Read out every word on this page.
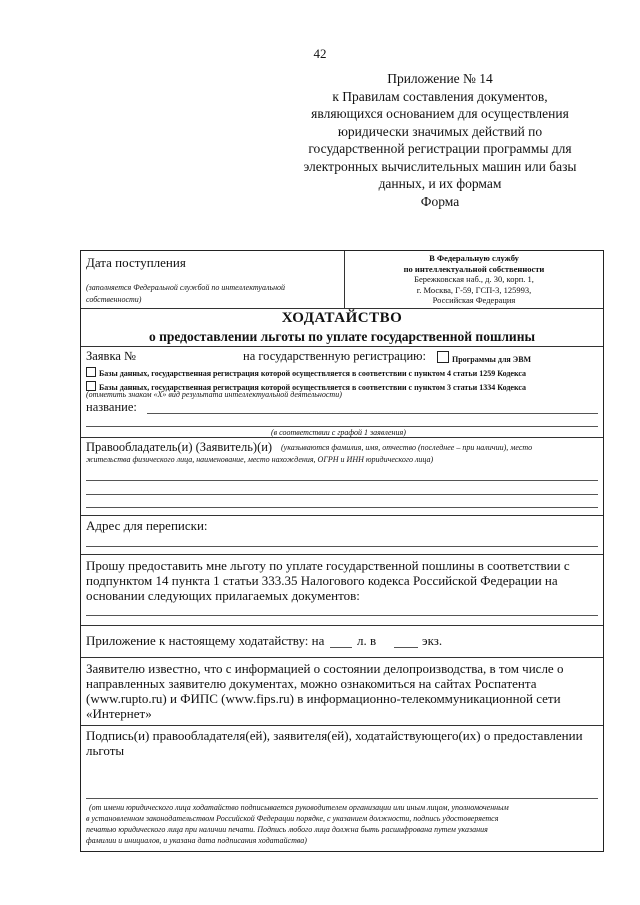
42
Приложение № 14
к Правилам составления документов,
являющихся основанием для осуществления
юридически значимых действий по
государственной регистрации программы для
электронных вычислительных машин или базы
данных, и их формам
Форма
Дата поступления
(заполняется Федеральной службой по интеллектуальной
собственности)
В Федеральную службу
по интеллектуальной собственности
Бережковская наб., д. 30, корп. 1,
г. Москва, Г-59, ГСП-3, 125993,
Российская Федерация
ХОДАТАЙСТВО
о предоставлении льготы по уплате государственной пошлины
Заявка №	на государственную регистрацию:	Программы для ЭВМ
Базы данных, государственная регистрация которой осуществляется в соответствии с пунктом 4 статьи 1259 Кодекса
Базы данных, государственная регистрация которой осуществляется в соответствии с пунктом 3 статьи 1334 Кодекса
(отметить знаком «Х» вид результата интеллектуальной деятельности)
название:
(в соответствии с графой 1 заявления)
Правообладатель(и) (Заявитель)(и) (указываются фамилия, имя, отчество (последнее – при наличии), место
жительства физического лица, наименование, место нахождения, ОГРН и ИНН юридического лица)
Адрес для переписки:
Прошу предоставить мне льготу по уплате государственной пошлины в соответствии с
подпунктом 14 пункта 1 статьи 333.35 Налогового кодекса Российской Федерации на
основании следующих прилагаемых документов:
Приложение к настоящему ходатайству: на	л. в	экз.
Заявителю известно, что с информацией о состоянии делопроизводства, в том числе о
направленных заявителю документах, можно ознакомиться на сайтах Роспатента
(www.rupto.ru) и ФИПС (www.fips.ru) в информационно-телекоммуникационной сети
«Интернет»
Подпись(и) правообладателя(ей), заявителя(ей), ходатайствующего(их) о предоставлении
льготы
(от имени юридического лица ходатайство подписывается руководителем организации или иным лицом, уполномоченным
в установленном законодательством Российской Федерации порядке, с указанием должности, подпись удостоверяется
печатью юридического лица при наличии печати. Подпись любого лица должна быть расшифрована путем указания
фамилии и инициалов, и указана дата подписания ходатайства)
